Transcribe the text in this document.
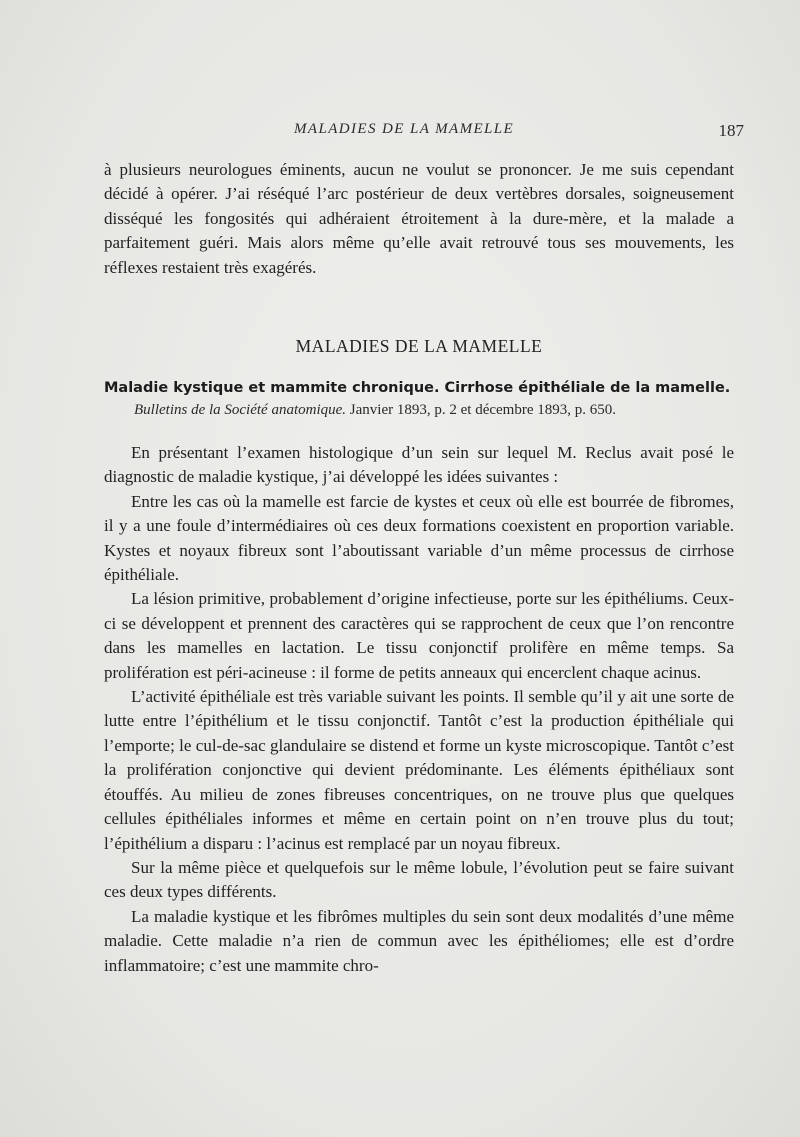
MALADIES DE LA MAMELLE	187

à plusieurs neurologues éminents, aucun ne voulut se prononcer. Je me suis cependant décidé à opérer. J’ai réséqué l’arc postérieur de deux vertèbres dorsales, soigneusement disséqué les fongosités qui adhéraient étroitement à la dure-mère, et la malade a parfaitement guéri. Mais alors même qu’elle avait retrouvé tous ses mouvements, les réflexes restaient très exagérés.

MALADIES DE LA MAMELLE
Maladie kystique et mammite chronique. Cirrhose épithéliale de la mamelle.
Bulletins de la Société anatomique. Janvier 1893, p. 2 et décembre 1893, p. 650.

En présentant l’examen histologique d’un sein sur lequel M. Reclus avait posé le diagnostic de maladie kystique, j’ai développé les idées suivantes :

Entre les cas où la mamelle est farcie de kystes et ceux où elle est bourrée de fibromes, il y a une foule d’intermédiaires où ces deux formations coexistent en proportion variable. Kystes et noyaux fibreux sont l’aboutissant variable d’un même processus de cirrhose épithéliale.

La lésion primitive, probablement d’origine infectieuse, porte sur les épithéliums. Ceux-ci se développent et prennent des caractères qui se rapprochent de ceux que l’on rencontre dans les mamelles en lactation. Le tissu conjonctif prolifère en même temps. Sa prolifération est péri-acineuse : il forme de petits anneaux qui encerclent chaque acinus.

L’activité épithéliale est très variable suivant les points. Il semble qu’il y ait une sorte de lutte entre l’épithélium et le tissu conjonctif. Tantôt c’est la production épithéliale qui l’emporte; le cul-de-sac glandulaire se distend et forme un kyste microscopique. Tantôt c’est la prolifération conjonctive qui devient prédominante. Les éléments épithéliaux sont étouffés. Au milieu de zones fibreuses concentriques, on ne trouve plus que quelques cellules épithéliales informes et même en certain point on n’en trouve plus du tout; l’épithélium a disparu : l’acinus est remplacé par un noyau fibreux.

Sur la même pièce et quelquefois sur le même lobule, l’évolution peut se faire suivant ces deux types différents.

La maladie kystique et les fibrômes multiples du sein sont deux modalités d’une même maladie. Cette maladie n’a rien de commun avec les épithéliomes; elle est d’ordre inflammatoire; c’est une mammite chro-
